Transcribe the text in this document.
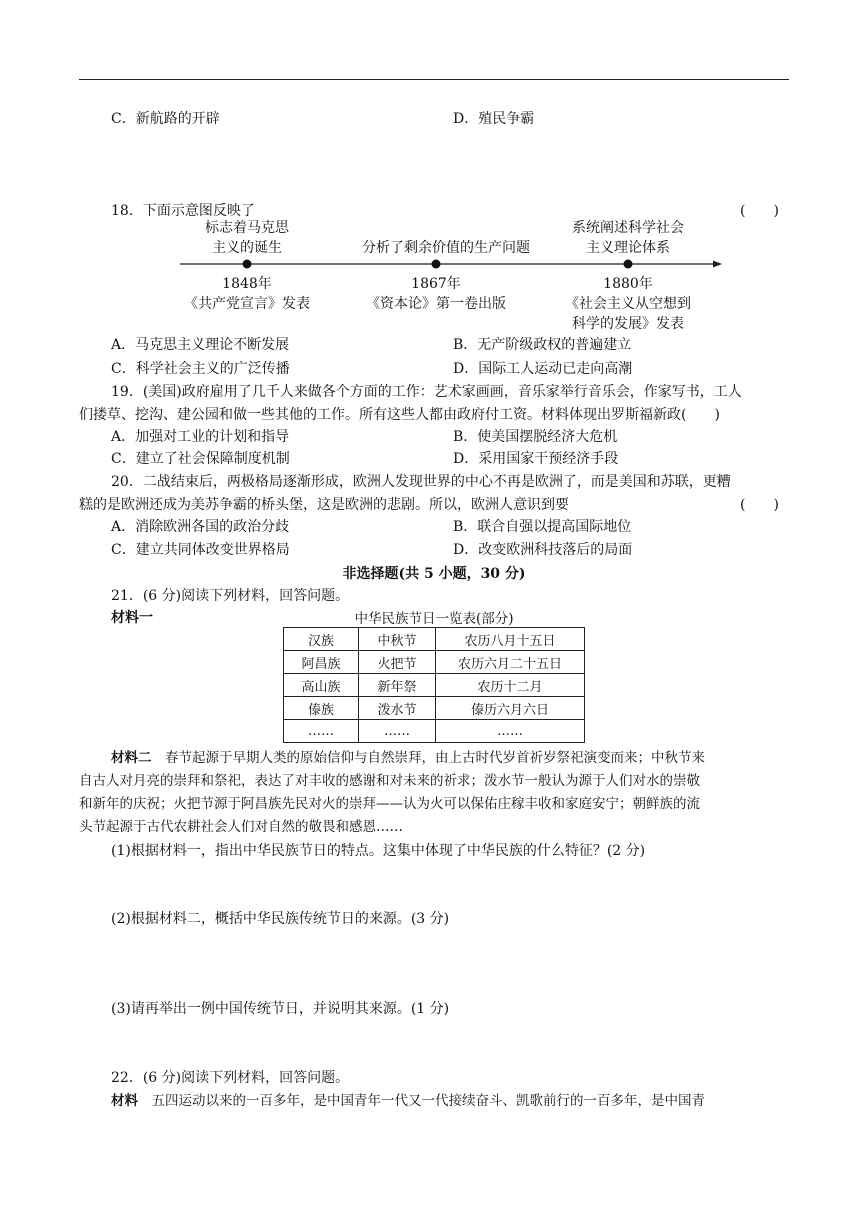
C．新航路的开辟	D．殖民争霸
18．下面示意图反映了	(　　)
标志着马克思
主义的诞生	分析了剩余价值的生产问题
系统阐述科学社会
主义理论体系
1848年
《共产党宣言》发表
1867年
《资本论》第一卷出版
1880年
《社会主义从空想到
科学的发展》发表
A．马克思主义理论不断发展	B．无产阶级政权的普遍建立
C．科学社会主义的广泛传播	D．国际工人运动已走向高潮
19．(美国)政府雇用了几千人来做各个方面的工作：艺术家画画，音乐家举行音乐会，作家写书，工人
们搂草、挖沟、建公园和做一些其他的工作。所有这些人都由政府付工资。材料体现出罗斯福新政(　　)
A．加强对工业的计划和指导	B．使美国摆脱经济大危机
C．建立了社会保障制度机制	D．采用国家干预经济手段
20．二战结束后，两极格局逐渐形成，欧洲人发现世界的中心不再是欧洲了，而是美国和苏联，更糟
糕的是欧洲还成为美苏争霸的桥头堡，这是欧洲的悲剧。所以，欧洲人意识到要	(　　)
A．消除欧洲各国的政治分歧	B．联合自强以提高国际地位
C．建立共同体改变世界格局	D．改变欧洲科技落后的局面
非选择题(共 5 小题，30 分)
21．(6 分)阅读下列材料，回答问题。
材料一	中华民族节日一览表(部分)
汉族	中秋节	农历八月十五日
阿昌族	火把节	农历六月二十五日
高山族	新年祭	农历十二月
傣族	泼水节	傣历六月六日
……	……	……
材料二　 春节起源于早期人类的原始信仰与自然崇拜，由上古时代岁首祈岁祭祀演变而来；中秋节来
自古人对月亮的崇拜和祭祀，表达了对丰收的感谢和对未来的祈求；泼水节一般认为源于人们对水的崇敬
和新年的庆祝；火把节源于阿昌族先民对火的崇拜——认为火可以保佑庄稼丰收和家庭安宁；朝鲜族的流
头节起源于古代农耕社会人们对自然的敬畏和感恩……
(1)根据材料一，指出中华民族节日的特点。这集中体现了中华民族的什么特征？(2 分)
(2)根据材料二，概括中华民族传统节日的来源。(3 分)
(3)请再举出一例中国传统节日，并说明其来源。(1 分)
22．(6 分)阅读下列材料，回答问题。
材料　 五四运动以来的一百多年，是中国青年一代又一代接续奋斗、凯歌前行的一百多年，是中国青
